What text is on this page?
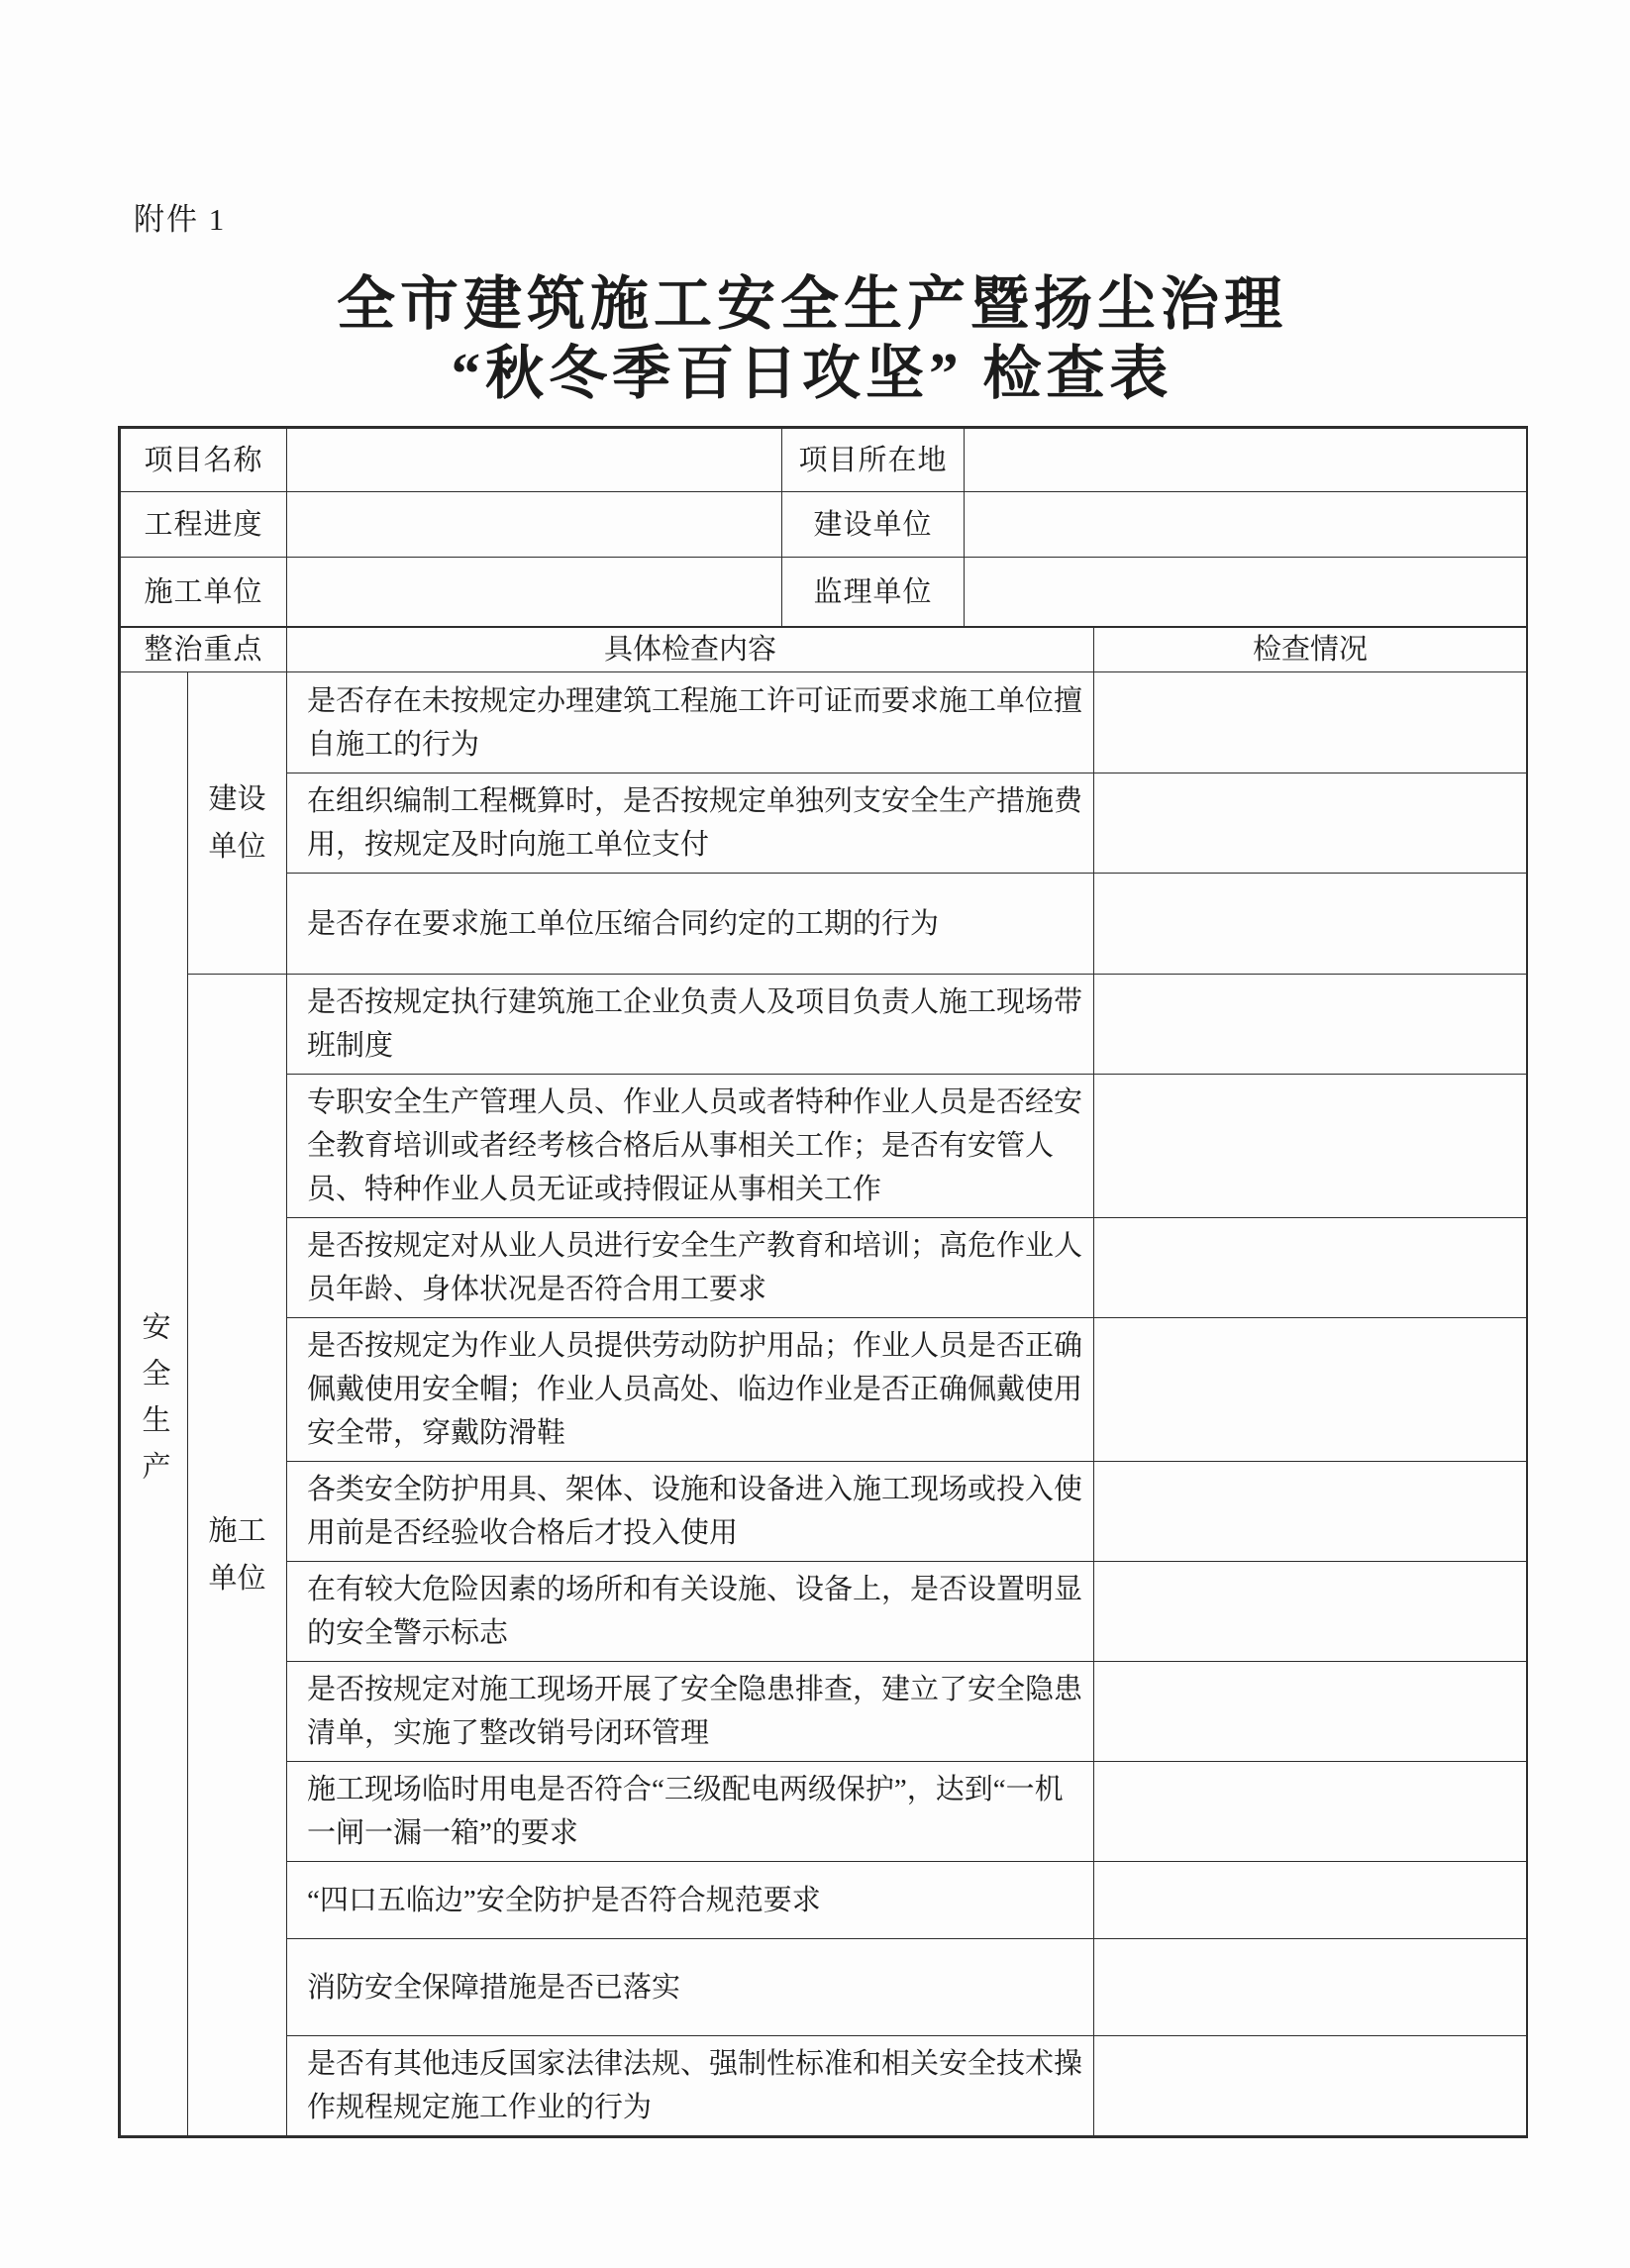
附件 1
全市建筑施工安全生产暨扬尘治理
“秋冬季百日攻坚” 检查表
项目名称		项目所在地	
工程进度		建设单位	
施工单位		监理单位	
整治重点		具体检查内容	检查情况
安全生产	建设单位	是否存在未按规定办理建筑工程施工许可证而要求施工单位擅自施工的行为	
		在组织编制工程概算时，是否按规定单独列支安全生产措施费用，按规定及时向施工单位支付	
		是否存在要求施工单位压缩合同约定的工期的行为	
	施工单位	是否按规定执行建筑施工企业负责人及项目负责人施工现场带班制度	
		专职安全生产管理人员、作业人员或者特种作业人员是否经安全教育培训或者经考核合格后从事相关工作；是否有安管人员、特种作业人员无证或持假证从事相关工作	
		是否按规定对从业人员进行安全生产教育和培训；高危作业人员年龄、身体状况是否符合用工要求	
		是否按规定为作业人员提供劳动防护用品；作业人员是否正确佩戴使用安全帽；作业人员高处、临边作业是否正确佩戴使用安全带，穿戴防滑鞋	
		各类安全防护用具、架体、设施和设备进入施工现场或投入使用前是否经验收合格后才投入使用	
		在有较大危险因素的场所和有关设施、设备上，是否设置明显的安全警示标志	
		是否按规定对施工现场开展了安全隐患排查，建立了安全隐患清单，实施了整改销号闭环管理	
		施工现场临时用电是否符合“三级配电两级保护”，达到“一机一闸一漏一箱”的要求	
		“四口五临边”安全防护是否符合规范要求	
		消防安全保障措施是否已落实	
		是否有其他违反国家法律法规、强制性标准和相关安全技术操作规程规定施工作业的行为	
